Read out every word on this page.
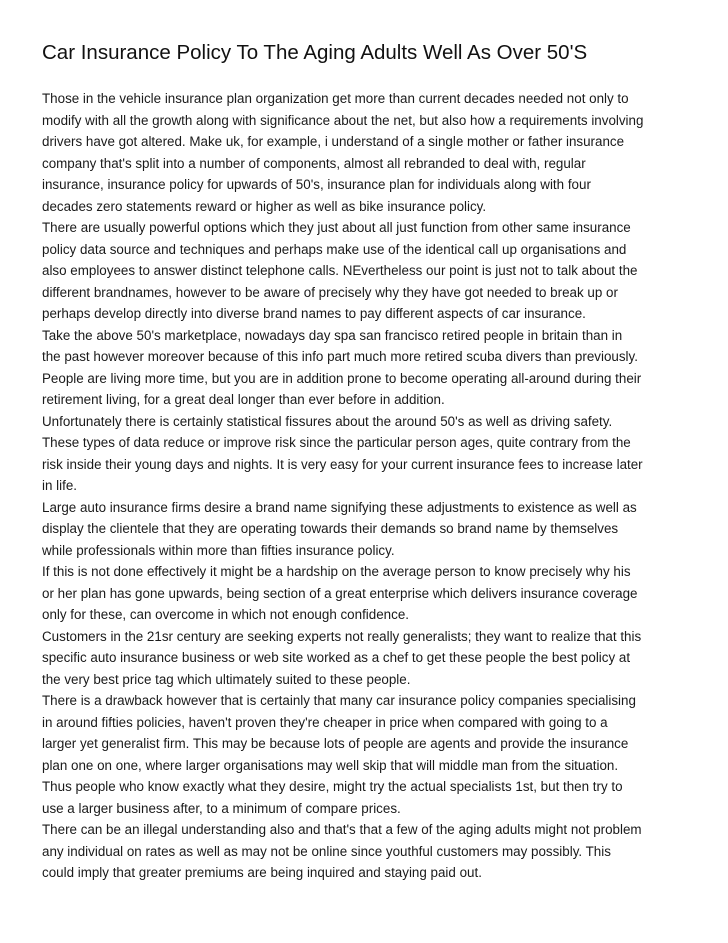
Car Insurance Policy To The Aging Adults Well As Over 50'S
Those in the vehicle insurance plan organization get more than current decades needed not only to
modify with all the growth along with significance about the net, but also how a requirements involving
drivers have got altered. Make uk, for example, i understand of a single mother or father insurance
company that's split into a number of components, almost all rebranded to deal with, regular
insurance, insurance policy for upwards of 50's, insurance plan for individuals along with four
decades zero statements reward or higher as well as bike insurance policy.
There are usually powerful options which they just about all just function from other same insurance
policy data source and techniques and perhaps make use of the identical call up organisations and
also employees to answer distinct telephone calls. NEvertheless our point is just not to talk about the
different brandnames, however to be aware of precisely why they have got needed to break up or
perhaps develop directly into diverse brand names to pay different aspects of car insurance.
Take the above 50's marketplace, nowadays day spa san francisco retired people in britain than in
the past however moreover because of this info part much more retired scuba divers than previously.
People are living more time, but you are in addition prone to become operating all-around during their
retirement living, for a great deal longer than ever before in addition.
Unfortunately there is certainly statistical fissures about the around 50's as well as driving safety.
These types of data reduce or improve risk since the particular person ages, quite contrary from the
risk inside their young days and nights. It is very easy for your current insurance fees to increase later
in life.
Large auto insurance firms desire a brand name signifying these adjustments to existence as well as
display the clientele that they are operating towards their demands so brand name by themselves
while professionals within more than fifties insurance policy.
If this is not done effectively it might be a hardship on the average person to know precisely why his
or her plan has gone upwards, being section of a great enterprise which delivers insurance coverage
only for these, can overcome in which not enough confidence.
Customers in the 21sr century are seeking experts not really generalists; they want to realize that this
specific auto insurance business or web site worked as a chef to get these people the best policy at
the very best price tag which ultimately suited to these people.
There is a drawback however that is certainly that many car insurance policy companies specialising
in around fifties policies, haven't proven they're cheaper in price when compared with going to a
larger yet generalist firm. This may be because lots of people are agents and provide the insurance
plan one on one, where larger organisations may well skip that will middle man from the situation.
Thus people who know exactly what they desire, might try the actual specialists 1st, but then try to
use a larger business after, to a minimum of compare prices.
There can be an illegal understanding also and that's that a few of the aging adults might not problem
any individual on rates as well as may not be online since youthful customers may possibly. This
could imply that greater premiums are being inquired and staying paid out.
